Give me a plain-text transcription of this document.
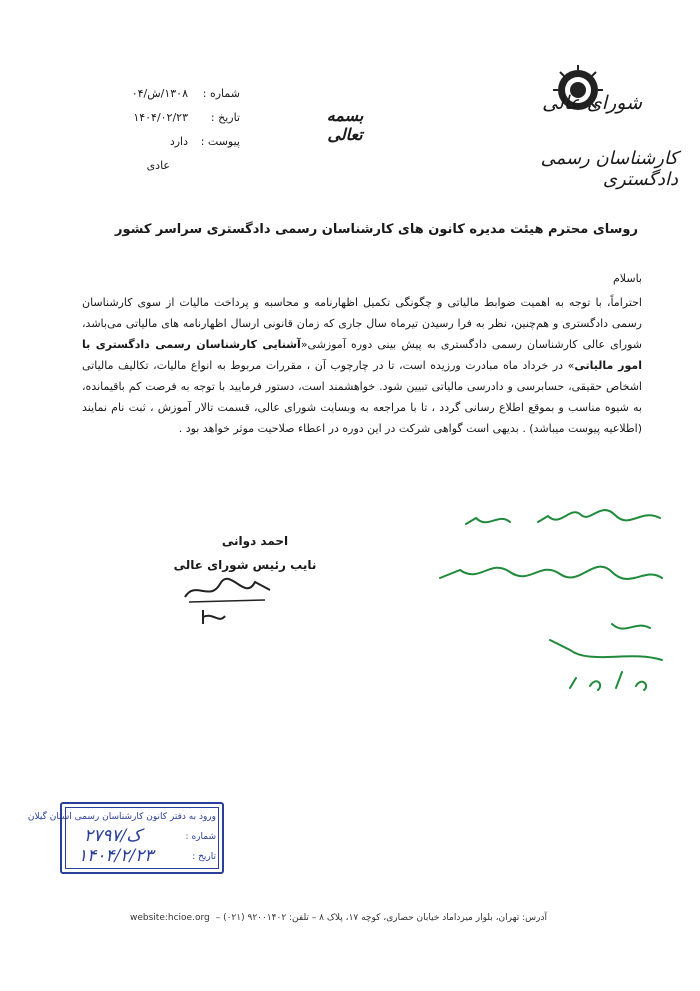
شورای عالی
کارشناسان رسمی دادگستری
بسمه تعالی
شماره :
۱۳۰۸/ش/۰۴
تاریخ :
۱۴۰۴/۰۲/۲۳
پیوست :
دارد
عادی
روسای محترم هیئت مدیره کانون های کارشناسان رسمی دادگستری سراسر کشور
باسلام
احتراماً، با توجه به اهمیت ضوابط مالیاتی و چگونگی تکمیل اظهارنامه و محاسبه و پرداخت مالیات از سوی کارشناسان رسمی دادگستری و هم‌چنین، نظر به فرا رسیدن تیرماه سال جاری که زمان قانونی ارسال اظهارنامه های مالیاتی می‌باشد، شورای عالی کارشناسان رسمی دادگستری به پیش بینی دوره آموزشی«آشنایی کارشناسان رسمی دادگستری با امور مالیاتی» در خرداد ماه مبادرت ورزیده است، تا در چارچوب آن ، مقررات مربوط به انواع مالیات، تکالیف مالیاتی اشخاص حقیقی، حسابرسی و دادرسی مالیاتی تبیین شود. خواهشمند است، دستور فرمایید با توجه به فرصت کم باقیمانده، به شیوه مناسب و بموقع اطلاع رسانی گردد ، تا با مراجعه به وبسایت شورای عالی، قسمت تالار آموزش ، ثبت نام نمایند (اطلاعیه پیوست میباشد) . بدیهی است گواهی شرکت در این دوره در اعطاء صلاحیت موثر خواهد بود .
احمد دوانی
نایب رئیس شورای عالی
ورود به دفتر کانون کارشناسان رسمی استان گیلان
شماره :
تاریخ :
۲۷۹۷/ک
۱۴۰۴/۲/۲۳
website:hcioe.org آدرس: تهران، بلوار میرداماد خیابان حصاری، کوچه ۱۷، پلاک ۸ – تلفن: ۹۲۰۰۱۴۰۲ (۰۲۱) –
